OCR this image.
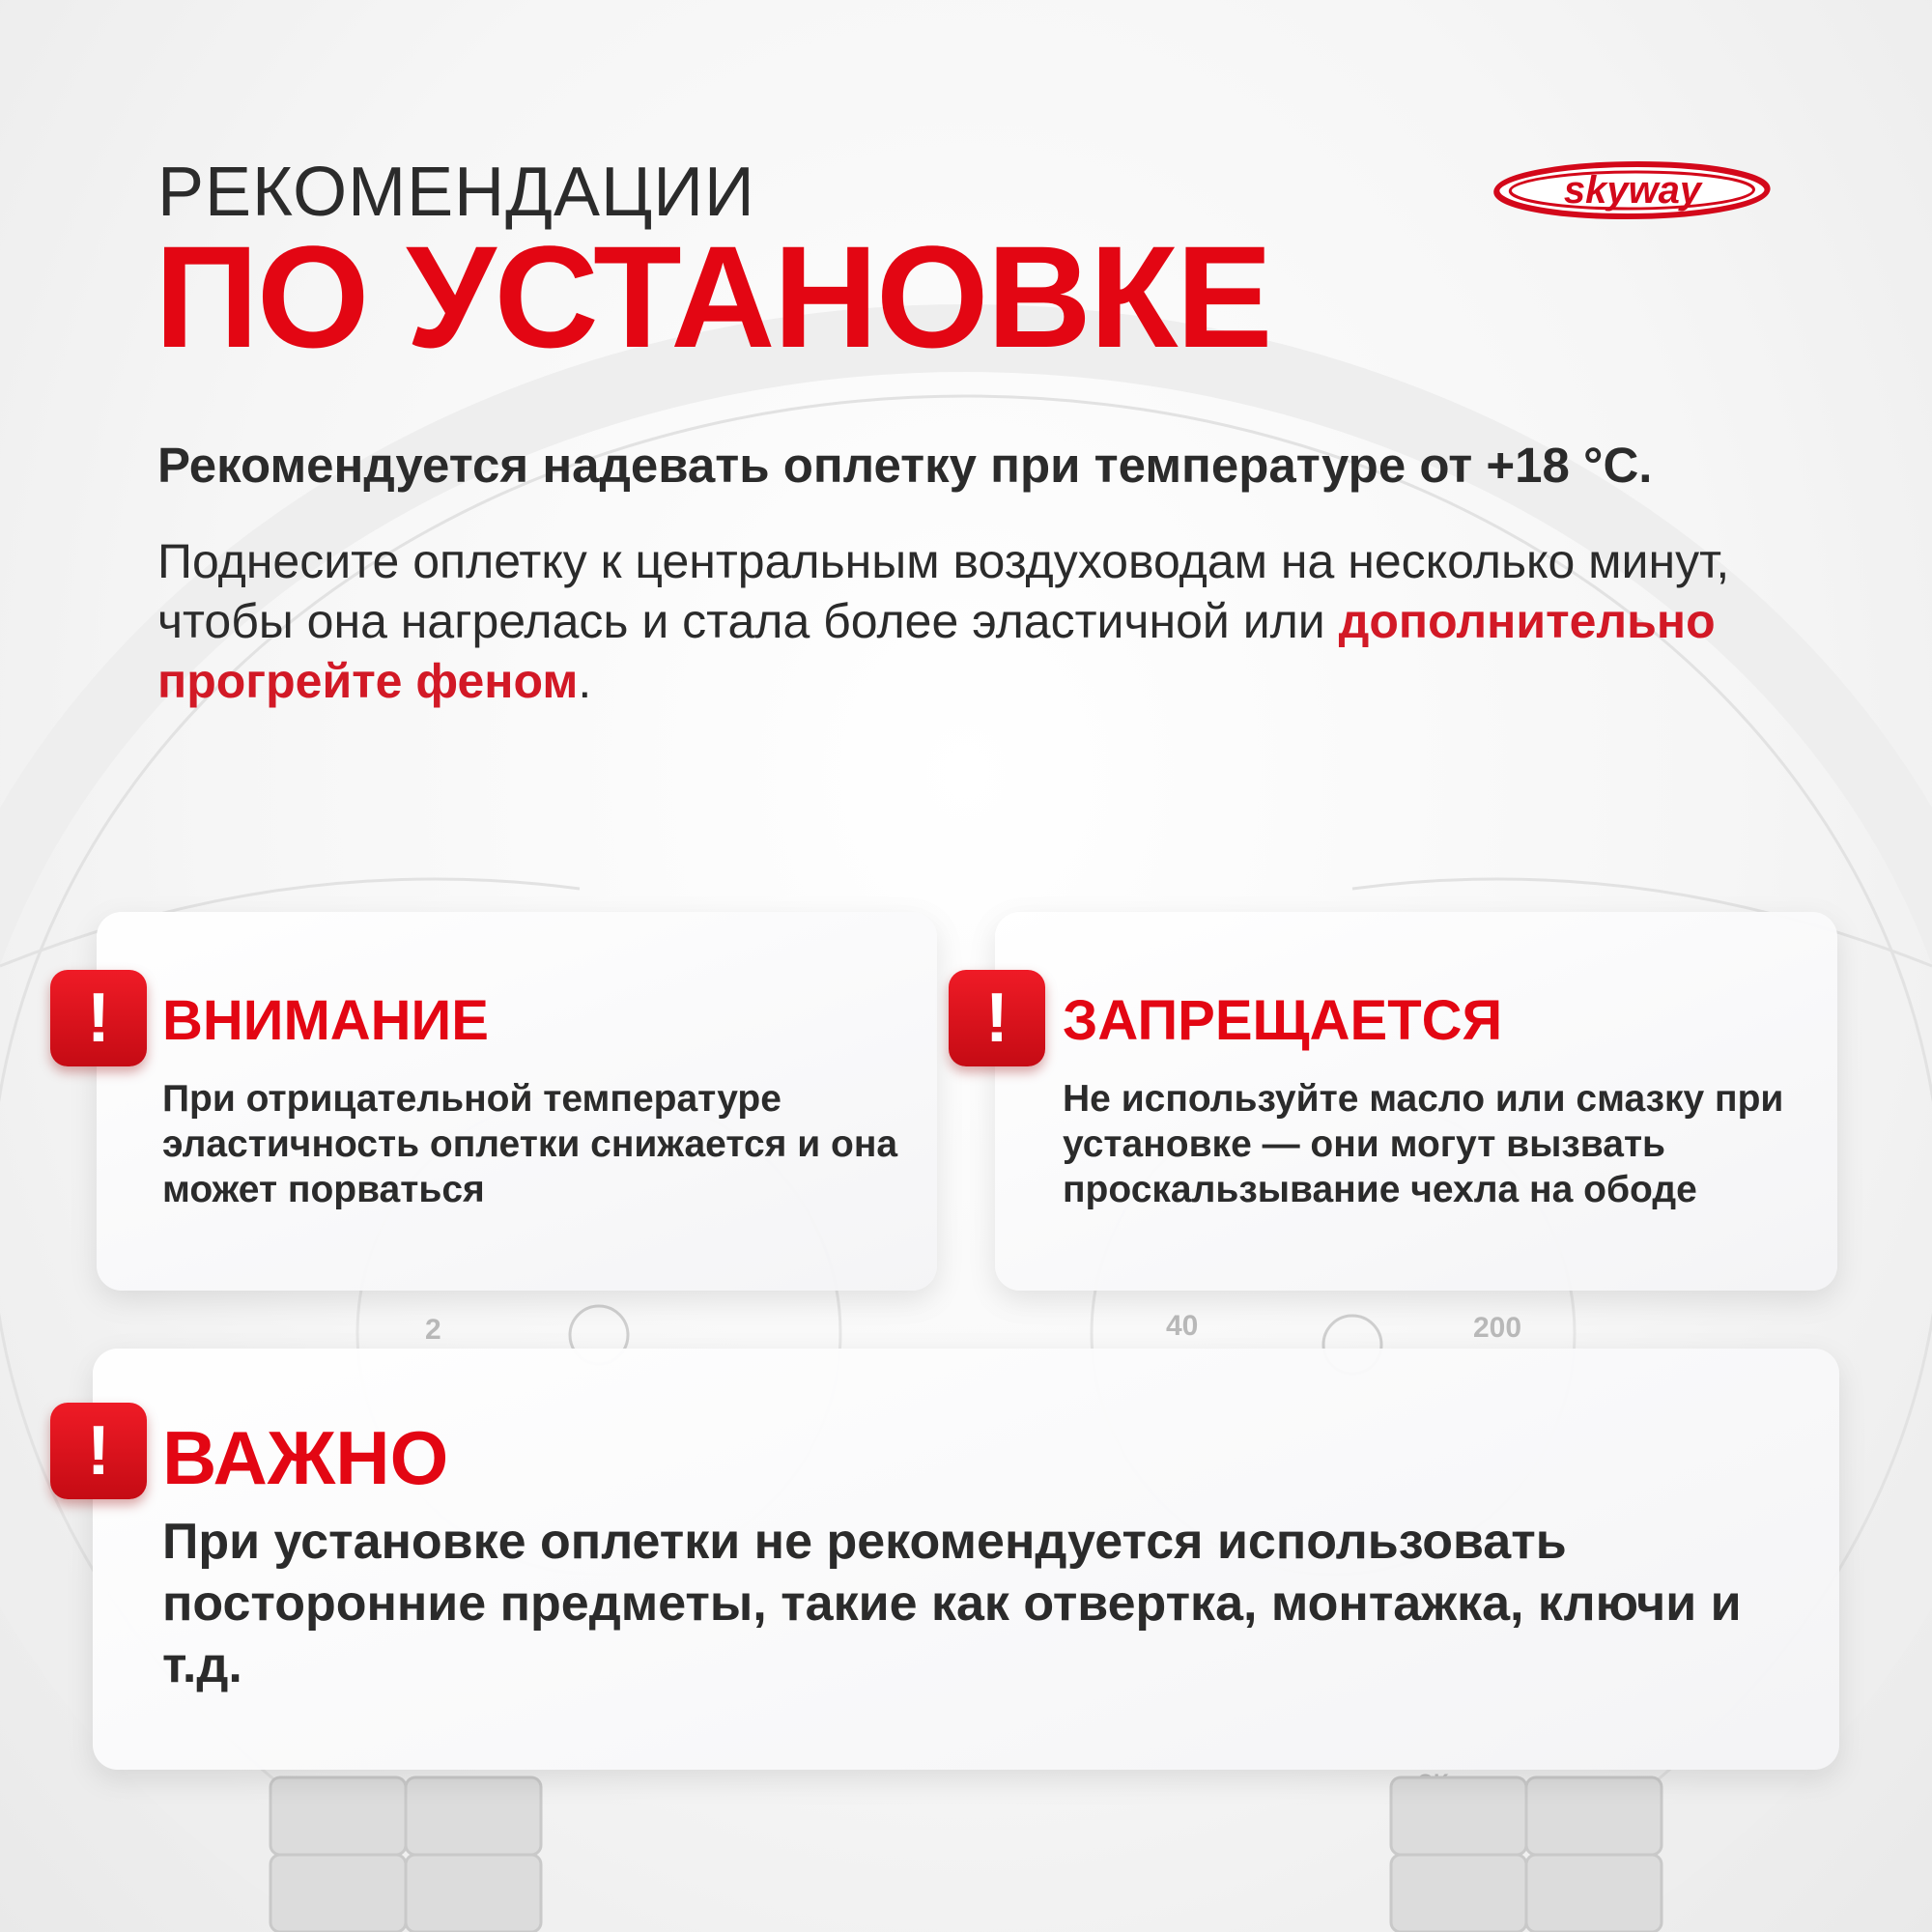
2	40	200
РЕКОМЕНДАЦИИ
ПО УСТАНОВКЕ
skyway

Рекомендуется надевать оплетку при температуре от +18 °С.

Поднесите оплетку к центральным воздуховодам на несколько минут, чтобы она нагрелась и стала более эластичной или дополнительно прогрейте феном.

! ВНИМАНИЕ

При отрицательной температуре эластичность оплетки снижается и она может порваться

! ЗАПРЕЩАЕТСЯ

Не используйте масло или смазку при установке — они могут вызвать проскальзывание чехла на ободе

! ВАЖНО

При установке оплетки не рекомендуется использовать посторонние предметы, такие как отвертка, монтажка, ключи и т.д.
